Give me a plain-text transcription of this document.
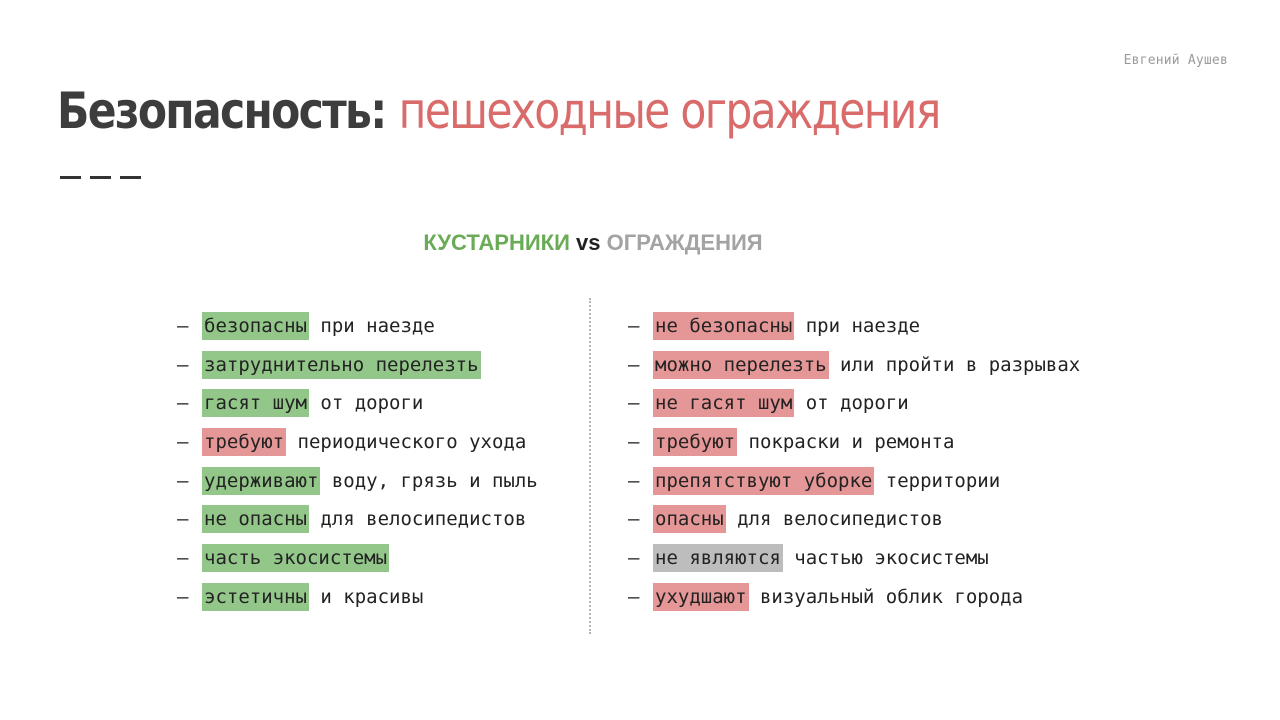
Евгений Аушев
Безопасность: пешеходные ограждения
КУСТАРНИКИ vs ОГРАЖДЕНИЯ
— безопасны при наезде
— затруднительно перелезть
— гасят шум от дороги
— требуют периодического ухода
— удерживают воду, грязь и пыль
— не опасны для велосипедистов
— часть экосистемы
— эстетичны и красивы
— не безопасны при наезде
— можно перелезть или пройти в разрывах
— не гасят шум от дороги
— требуют покраски и ремонта
— препятствуют уборке территории
— опасны для велосипедистов
— не являются частью экосистемы
— ухудшают визуальный облик города
